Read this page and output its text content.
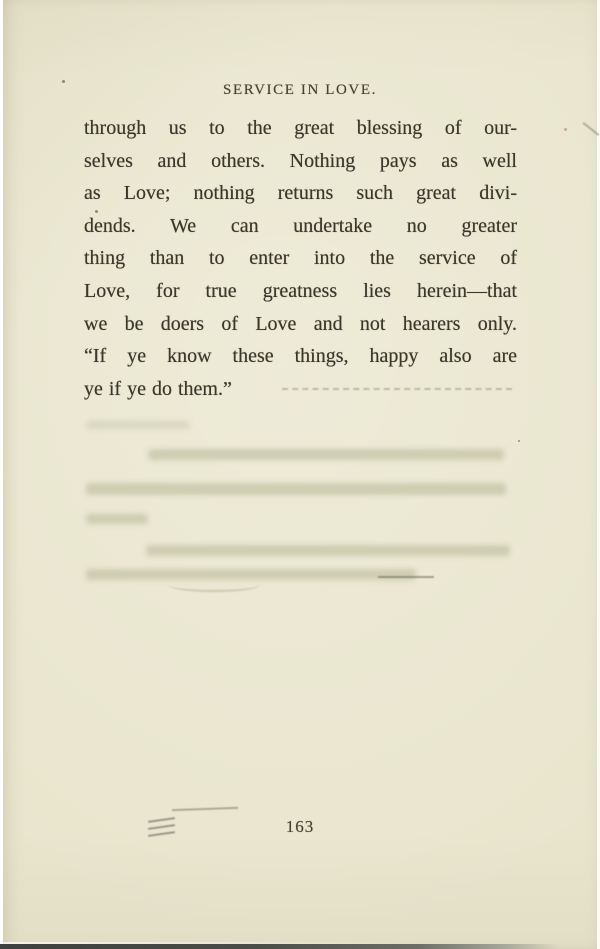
SERVICE IN LOVE.
through us to the great blessing of our-
selves and others. Nothing pays as well
as Love; nothing returns such great divi-
dends. We can undertake no greater
thing than to enter into the service of
Love, for true greatness lies herein—that
we be doers of Love and not hearers only.
“If ye know these things, happy also are
ye if ye do them.”
163
